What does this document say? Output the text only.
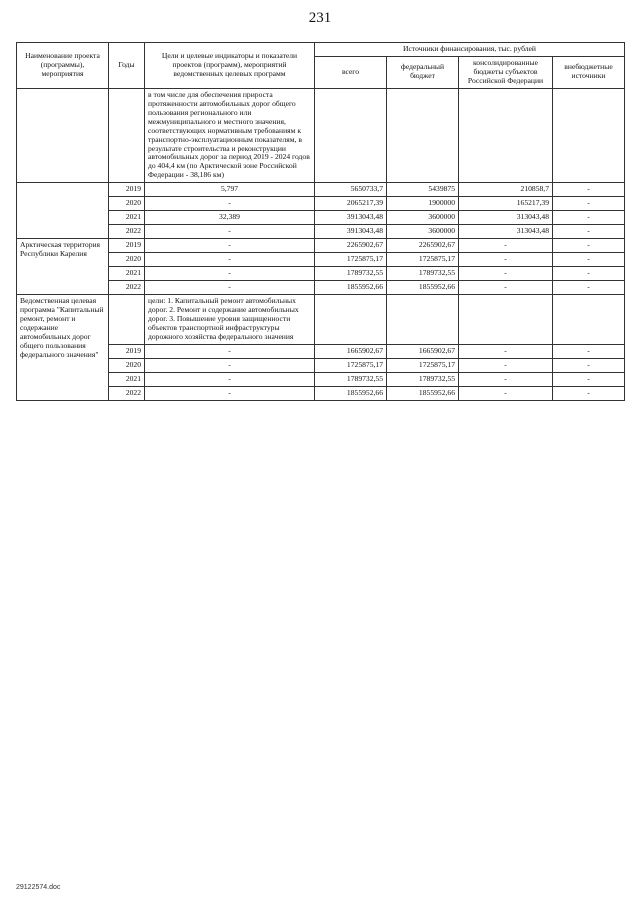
231
Наименование проекта (программы), мероприятия	Годы	Цели и целевые индикаторы и показатели проектов (программ), мероприятий ведомственных целевых программ	Источники финансирования, тыс. рублей			
			всего	федеральный бюджет	консолидированные бюджеты субъектов Российской Федерации	внебюджетные источники
		в том числе для обеспечения прироста протяженности автомобильных дорог общего пользования регионального или межмуниципального и местного значения, соответствующих нормативным требованиям к транспортно-эксплуатационным показателям, в результате строительства и реконструкции автомобильных дорог за период 2019 - 2024 годов до 404,4 км (по Арктической зоне Российской Федерации - 38,186 км)				
	2019	5,797	5650733,7	5439875	210858,7	-
	2020	-	2065217,39	1900000	165217,39	-
	2021	32,389	3913043,48	3600000	313043,48	-
	2022	-	3913043,48	3600000	313043,48	-
Арктическая территория Республики Карелия	2019	-	2265902,67	2265902,67	-	-
	2020	-	1725875,17	1725875,17	-	-
	2021	-	1789732,55	1789732,55	-	-
	2022	-	1855952,66	1855952,66	-	-
Ведомственная целевая программа "Капитальный ремонт, ремонт и содержание автомобильных дорог общего пользования федерального значения"		цели: 1. Капитальный ремонт автомобильных дорог. 2. Ремонт и содержание автомобильных дорог. 3. Повышение уровня защищенности объектов транспортной инфраструктуры дорожного хозяйства федерального значения				
	2019	-	1665902,67	1665902,67	-	-
	2020	-	1725875,17	1725875,17	-	-
	2021	-	1789732,55	1789732,55	-	-
	2022	-	1855952,66	1855952,66	-	-
29122574.doc
